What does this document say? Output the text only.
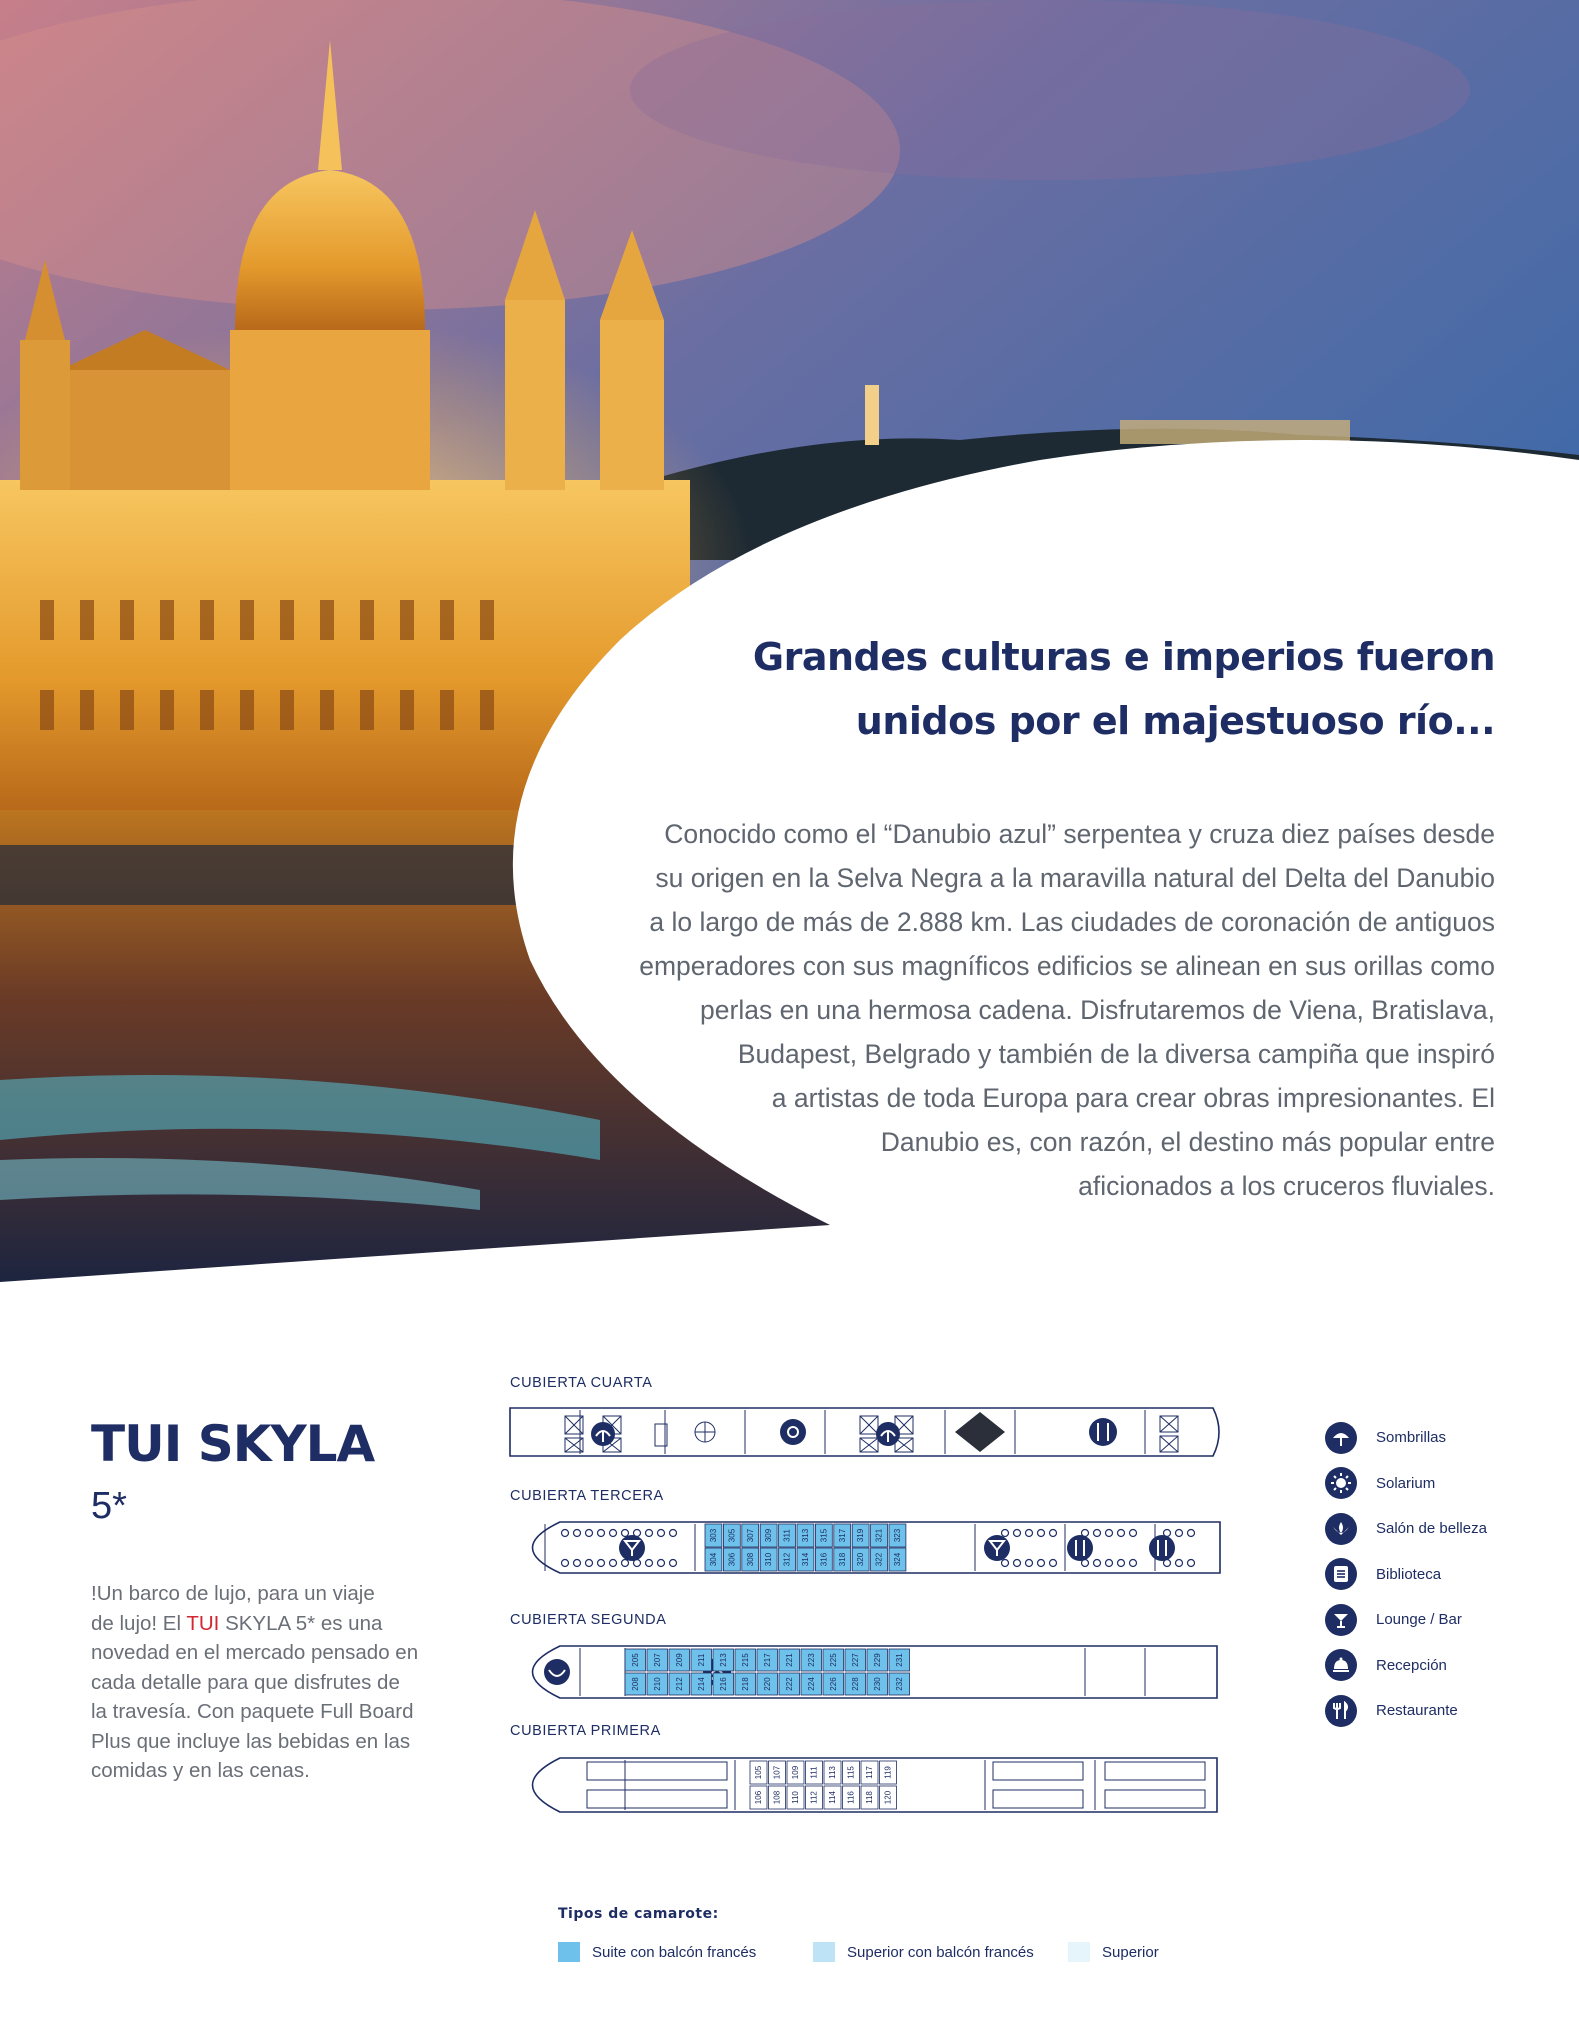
Grandes culturas e imperios fueron
unidos por el majestuoso río...
Conocido como el “Danubio azul” serpentea y cruza diez países desde
su origen en la Selva Negra a la maravilla natural del Delta del Danubio
a lo largo de más de 2.888 km. Las ciudades de coronación de antiguos
emperadores con sus magníficos edificios se alinean en sus orillas como
perlas en una hermosa cadena. Disfrutaremos de Viena, Bratislava,
Budapest, Belgrado y también de la diversa campiña que inspiró
a artistas de toda Europa para crear obras impresionantes. El
Danubio es, con razón, el destino más popular entre
aficionados a los cruceros fluviales.
TUI SKYLA
5*
!Un barco de lujo, para un viaje
de lujo! El TUI SKYLA 5* es una
novedad en el mercado pensado en
cada detalle para que disfrutes de
la travesía. Con paquete Full Board
Plus que incluye las bebidas en las
comidas y en las cenas.
CUBIERTA CUARTA
CUBIERTA TERCERA
CUBIERTA SEGUNDA
CUBIERTA PRIMERA
303 305 307 309 311 313 315 317 319 321 323
304 306 308 310 312 314 316 318 320 322 324
205 207 209 211 213 215 217 221 223 225 227 229 231
208 210 212 214 216 218 220 222 224 226 228 230 232
105 107 109 111 113 115 117 119
106 108 110 112 114 116 118 120
Sombrillas
Solarium
Salón de belleza
Biblioteca
Lounge / Bar
Recepción
Restaurante
Tipos de camarote:
Suite con balcón francés	Superior con balcón francés	Superior
